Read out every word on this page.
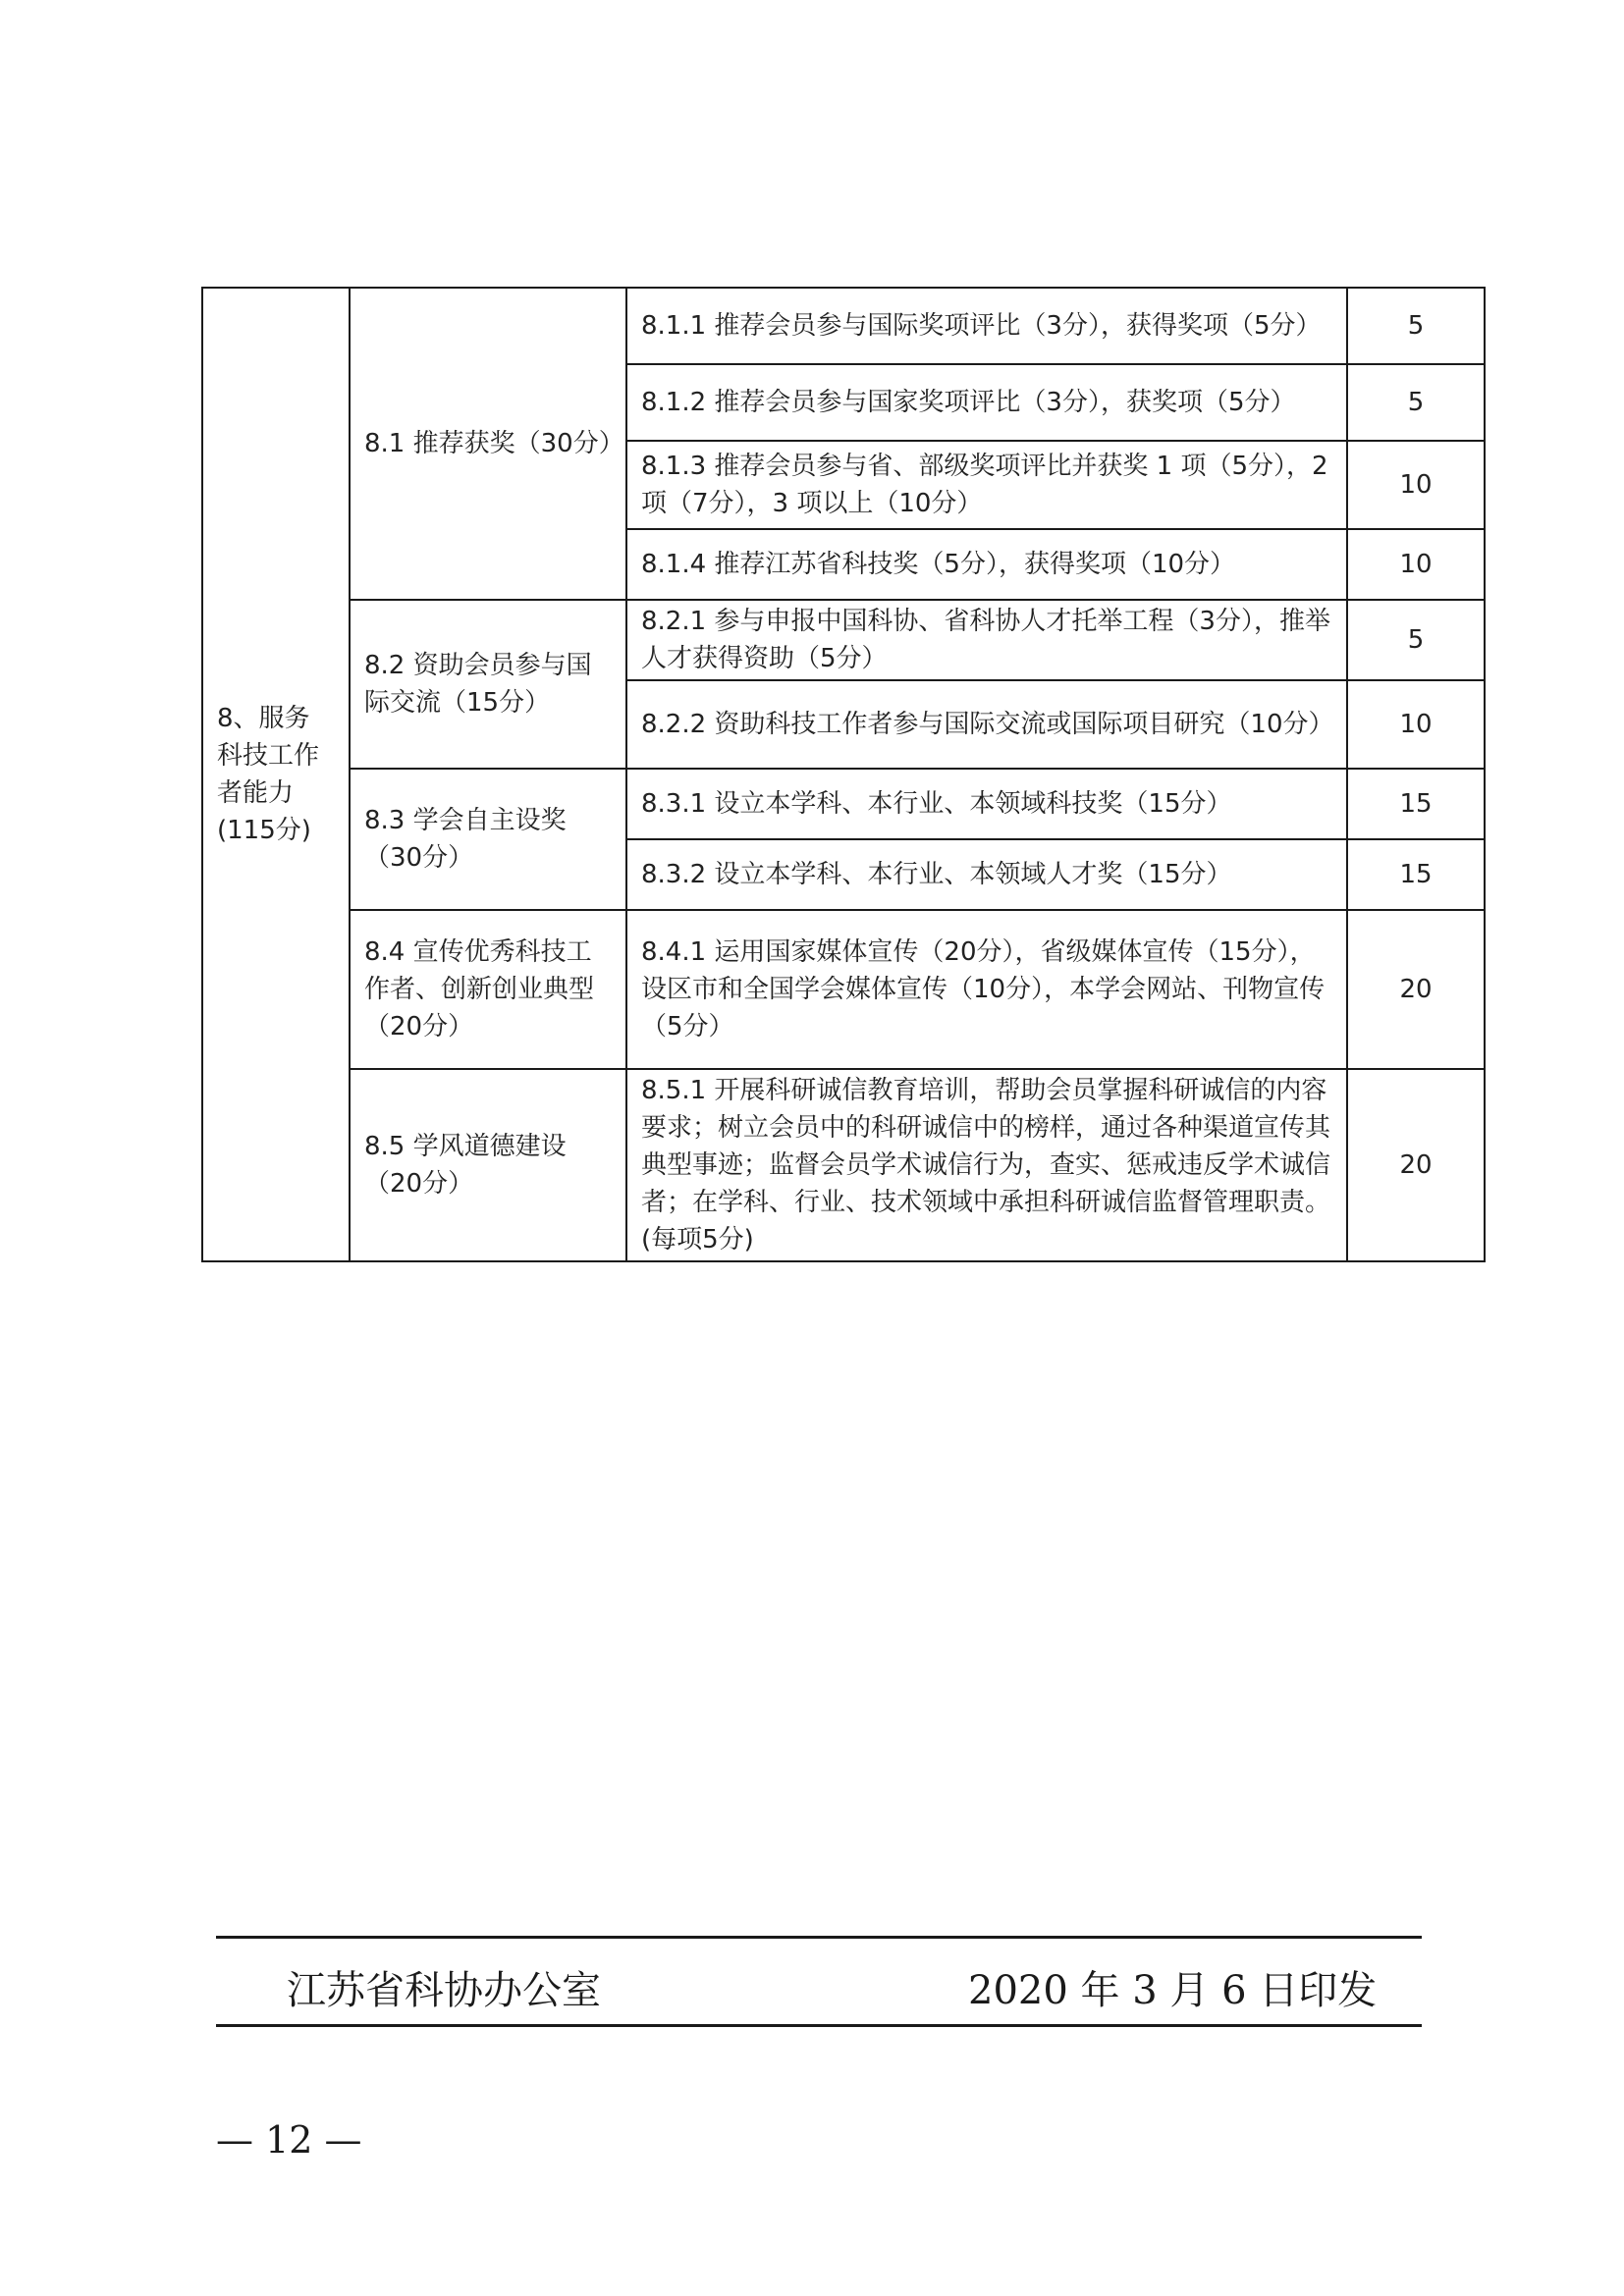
8、服务科技工作者能力(115分)	8.1 推荐获奖（30分）	8.1.1 推荐会员参与国际奖项评比（3分），获得奖项（5分）	5
		8.1.2 推荐会员参与国家奖项评比（3分），获奖项（5分）	5
		8.1.3 推荐会员参与省、部级奖项评比并获奖 1 项（5分），2 项（7分），3 项以上（10分）	10
		8.1.4 推荐江苏省科技奖（5分），获得奖项（10分）	10
	8.2 资助会员参与国际交流（15分）	8.2.1 参与申报中国科协、省科协人才托举工程（3分），推举人才获得资助（5分）	5
		8.2.2 资助科技工作者参与国际交流或国际项目研究（10分）	10
	8.3 学会自主设奖（30分）	8.3.1 设立本学科、本行业、本领域科技奖（15分）	15
		8.3.2 设立本学科、本行业、本领域人才奖（15分）	15
	8.4 宣传优秀科技工作者、创新创业典型（20分）	8.4.1 运用国家媒体宣传（20分），省级媒体宣传（15分），设区市和全国学会媒体宣传（10分），本学会网站、刊物宣传（5分）	20
	8.5 学风道德建设（20分）	8.5.1 开展科研诚信教育培训，帮助会员掌握科研诚信的内容要求；树立会员中的科研诚信中的榜样，通过各种渠道宣传其典型事迹；监督会员学术诚信行为，查实、惩戒违反学术诚信者；在学科、行业、技术领域中承担科研诚信监督管理职责。(每项5分)	20
江苏省科协办公室	2020 年 3 月 6 日印发
— 12 —
